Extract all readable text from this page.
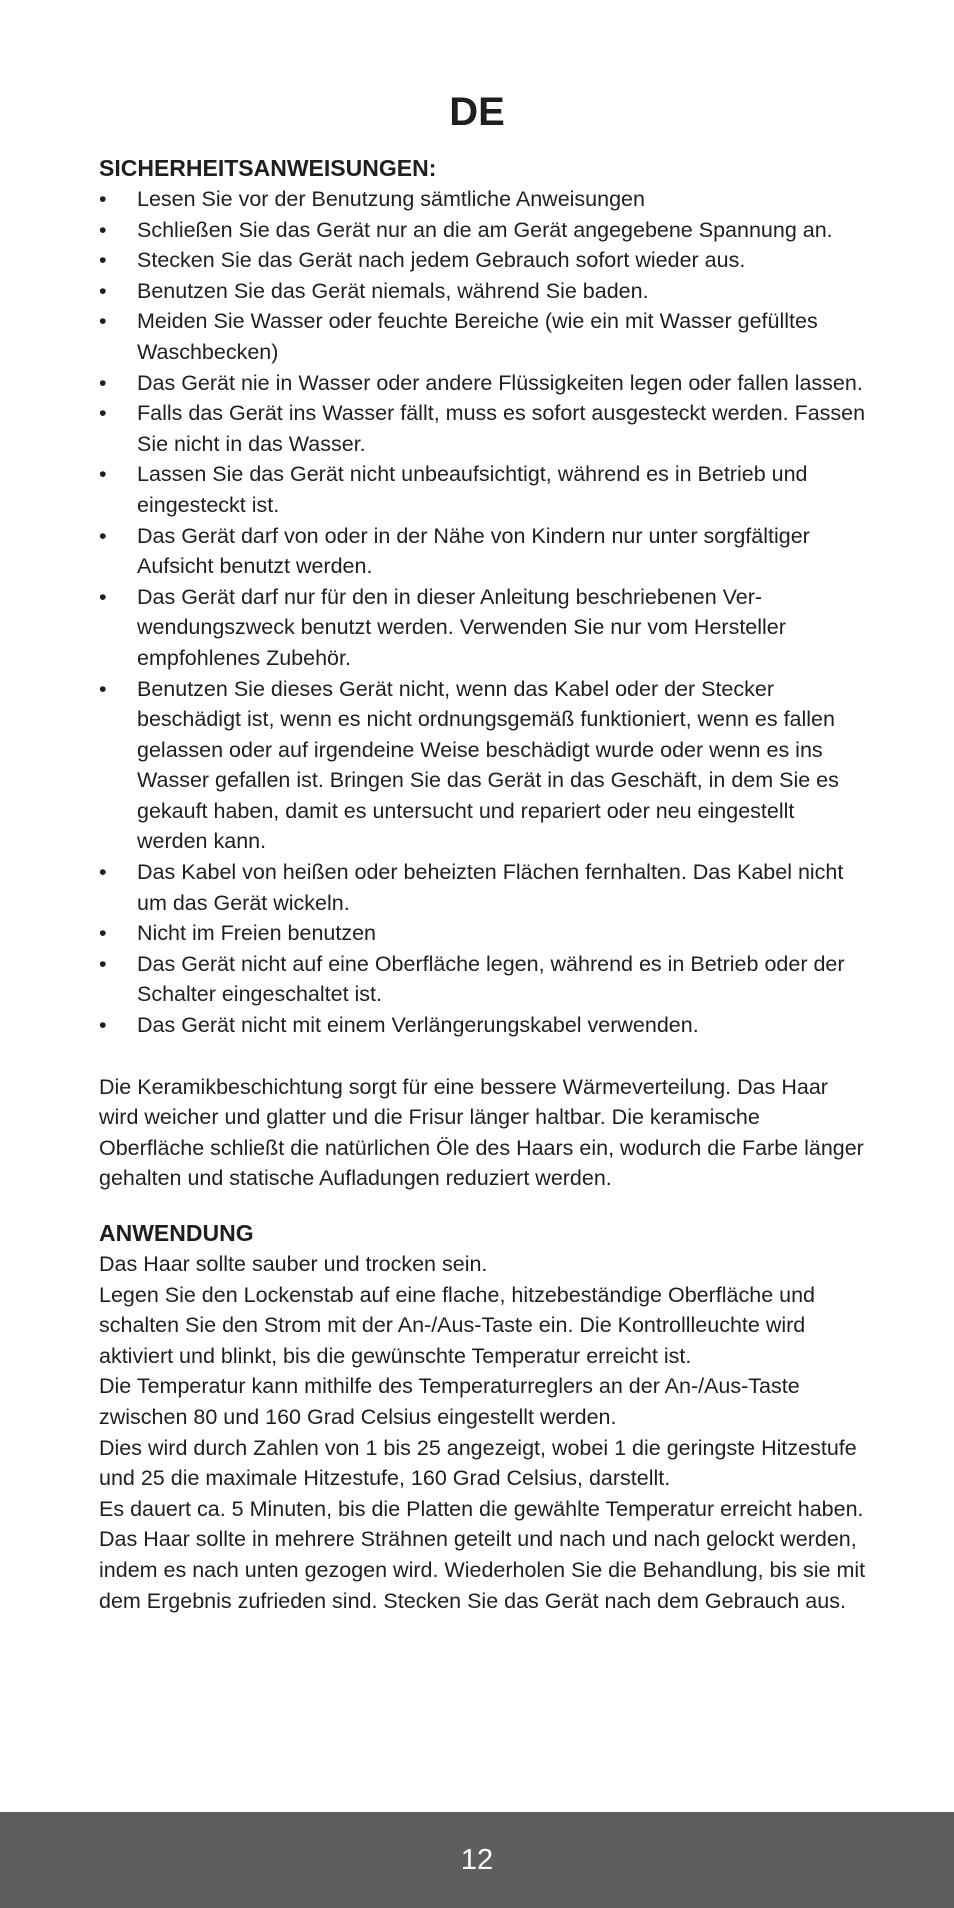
DE
SICHERHEITSANWEISUNGEN:
•	Lesen Sie vor der Benutzung sämtliche Anweisungen
•	Schließen Sie das Gerät nur an die am Gerät angegebene Spannung an.
•	Stecken Sie das Gerät nach jedem Gebrauch sofort wieder aus.
•	Benutzen Sie das Gerät niemals, während Sie baden.
•	Meiden Sie Wasser oder feuchte Bereiche (wie ein mit Wasser gefülltes Waschbecken)
•	Das Gerät nie in Wasser oder andere Flüssigkeiten legen oder fallen lassen.
•	Falls das Gerät ins Wasser fällt, muss es sofort ausgesteckt werden. Fassen Sie nicht in das Wasser.
•	Lassen Sie das Gerät nicht unbeaufsichtigt, während es in Betrieb und eingesteckt ist.
•	Das Gerät darf von oder in der Nähe von Kindern nur unter sorgfältiger Aufsicht benutzt werden.
•	Das Gerät darf nur für den in dieser Anleitung beschriebenen Verwendungszweck benutzt werden. Verwenden Sie nur vom Hersteller empfohlenes Zubehör.
•	Benutzen Sie dieses Gerät nicht, wenn das Kabel oder der Stecker beschädigt ist, wenn es nicht ordnungsgemäß funktioniert, wenn es fallen gelassen oder auf irgendeine Weise beschädigt wurde oder wenn es ins Wasser gefallen ist. Bringen Sie das Gerät in das Geschäft, in dem Sie es gekauft haben, damit es untersucht und repariert oder neu eingestellt werden kann.
•	Das Kabel von heißen oder beheizten Flächen fernhalten. Das Kabel nicht um das Gerät wickeln.
•	Nicht im Freien benutzen
•	Das Gerät nicht auf eine Oberfläche legen, während es in Betrieb oder der Schalter eingeschaltet ist.
•	Das Gerät nicht mit einem Verlängerungskabel verwenden.

Die Keramikbeschichtung sorgt für eine bessere Wärmeverteilung. Das Haar wird weicher und glatter und die Frisur länger haltbar. Die keramische Oberfläche schließt die natürlichen Öle des Haars ein, wodurch die Farbe länger gehalten und statische Aufladungen reduziert werden.

ANWENDUNG

Das Haar sollte sauber und trocken sein.

Legen Sie den Lockenstab auf eine flache, hitzebeständige Oberfläche und schalten Sie den Strom mit der An-/Aus-Taste ein. Die Kontrollleuchte wird aktiviert und blinkt, bis die gewünschte Temperatur erreicht ist.

Die Temperatur kann mithilfe des Temperaturreglers an der An-/Aus-Taste zwischen 80 und 160 Grad Celsius eingestellt werden.

Dies wird durch Zahlen von 1 bis 25 angezeigt, wobei 1 die geringste Hitzestufe und 25 die maximale Hitzestufe, 160 Grad Celsius, darstellt.

Es dauert ca. 5 Minuten, bis die Platten die gewählte Temperatur erreicht haben.

Das Haar sollte in mehrere Strähnen geteilt und nach und nach gelockt werden, indem es nach unten gezogen wird. Wiederholen Sie die Behandlung, bis sie mit dem Ergebnis zufrieden sind. Stecken Sie das Gerät nach dem Gebrauch aus.

12
